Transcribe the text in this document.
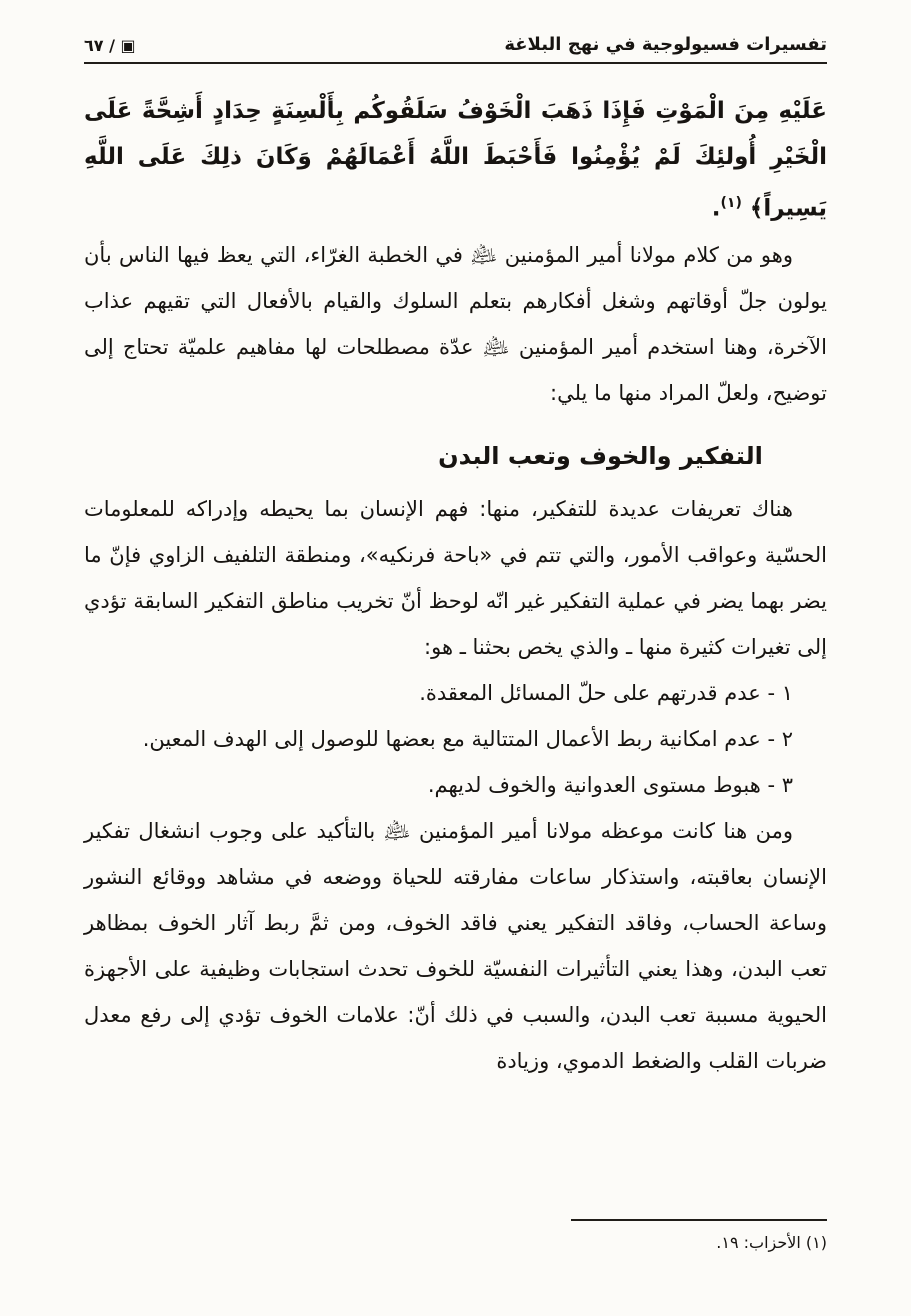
تفسيرات فسيولوجية في نهج البلاغة
٦٧ / ▣

عَلَيْهِ مِنَ الْمَوْتِ فَإِذَا ذَهَبَ الْخَوْفُ سَلَقُوكُم بِأَلْسِنَةٍ حِدَادٍ أَشِحَّةً عَلَى الْخَيْرِ أُولئِكَ لَمْ يُؤْمِنُوا فَأَحْبَطَ اللَّهُ أَعْمَالَهُمْ وَكَانَ ذلِكَ عَلَى اللَّهِ يَسِيراً﴾ $^{(١)}$.

وهو من كلام مولانا أمير المؤمنين ﵇ في الخطبة الغرّاء، التي يعظ فيها الناس بأن يولون جلّ أوقاتهم وشغل أفكارهم بتعلم السلوك والقيام بالأفعال التي تقيهم عذاب الآخرة، وهنا استخدم أمير المؤمنين ﵇ عدّة مصطلحات لها مفاهيم علميّة تحتاج إلى توضيح، ولعلّ المراد منها ما يلي:

التفكير والخوف وتعب البدن

هناك تعريفات عديدة للتفكير، منها: فهم الإنسان بما يحيطه وإدراكه للمعلومات الحسّية وعواقب الأمور، والتي تتم في «باحة فرنكيه»، ومنطقة التلفيف الزاوي فإنّ ما يضر بهما يضر في عملية التفكير غير انّه لوحظ أنّ تخريب مناطق التفكير السابقة تؤدي إلى تغيرات كثيرة منها ـ والذي يخص بحثنا ـ هو:

١ - عدم قدرتهم على حلّ المسائل المعقدة.
٢ - عدم امكانية ربط الأعمال المتتالية مع بعضها للوصول إلى الهدف المعين.
٣ - هبوط مستوى العدوانية والخوف لديهم.

ومن هنا كانت موعظه مولانا أمير المؤمنين ﵇ بالتأكيد على وجوب انشغال تفكير الإنسان بعاقبته، واستذكار ساعات مفارقته للحياة ووضعه في مشاهد ووقائع النشور وساعة الحساب، وفاقد التفكير يعني فاقد الخوف، ومن ثمَّ ربط آثار الخوف بمظاهر تعب البدن، وهذا يعني التأثيرات النفسيّة للخوف تحدث استجابات وظيفية على الأجهزة الحيوية مسببة تعب البدن، والسبب في ذلك أنّ: علامات الخوف تؤدي إلى رفع معدل ضربات القلب والضغط الدموي، وزيادة

(١) الأحزاب: ١٩.
